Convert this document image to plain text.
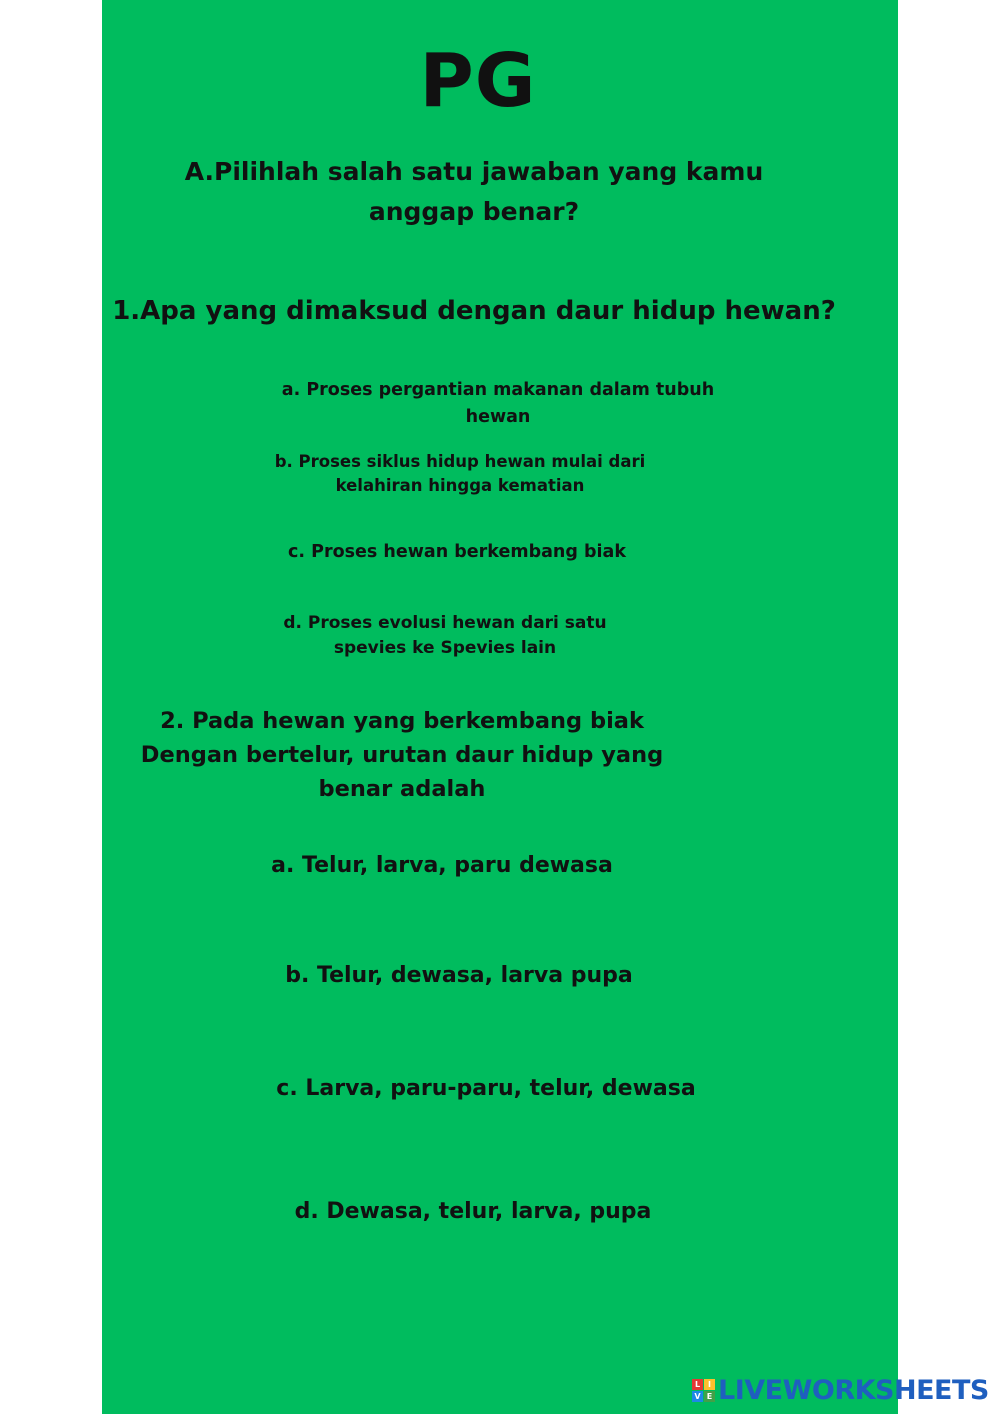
PG
A.Pilihlah salah satu jawaban yang kamu
anggap benar?
1.Apa yang dimaksud dengan daur hidup hewan?
a. Proses pergantian makanan dalam tubuh
hewan
b. Proses siklus hidup hewan mulai dari
kelahiran hingga kematian
c. Proses hewan berkembang biak
d. Proses evolusi hewan dari satu
spevies ke Spevies lain
2. Pada hewan yang berkembang biak
Dengan bertelur, urutan daur hidup yang
benar adalah
a. Telur, larva, paru dewasa
b. Telur, dewasa, larva pupa
c. Larva, paru-paru, telur, dewasa
d. Dewasa, telur, larva, pupa
L I
V E LIVEWORKSHEETS
